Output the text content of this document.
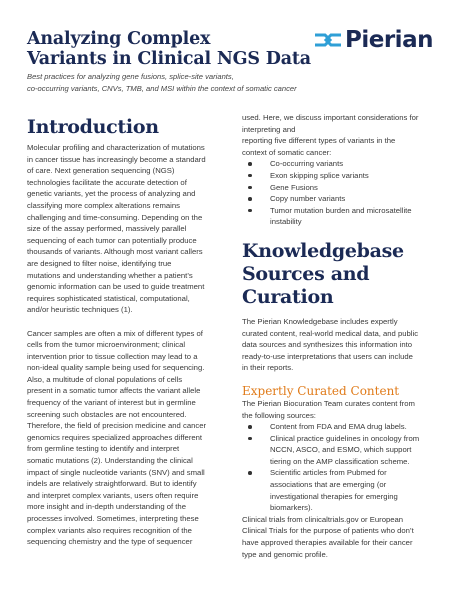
Analyzing Complex
Variants in Clinical NGS Data
Best practices for analyzing gene fusions, splice-site variants,
co-occurring variants, CNVs, TMB, and MSI within the context of somatic cancer
Pierian
Introduction
Molecular profiling and characterization of mutations
in cancer tissue has increasingly become a standard
of care. Next generation sequencing (NGS)
technologies facilitate the accurate detection of
genetic variants, yet the process of analyzing and
classifying more complex alterations remains
challenging and time-consuming. Depending on the
size of the assay performed, massively parallel
sequencing of each tumor can potentially produce
thousands of variants. Although most variant callers
are designed to filter noise, identifying true
mutations and understanding whether a patient’s
genomic information can be used to guide treatment
requires sophisticated statistical, computational,
and/or heuristic techniques (1).
Cancer samples are often a mix of different types of
cells from the tumor microenvironment; clinical
intervention prior to tissue collection may lead to a
non-ideal quality sample being used for sequencing.
Also, a multitude of clonal populations of cells
present in a somatic tumor affects the variant allele
frequency of the variant of interest but in germline
screening such obstacles are not encountered.
Therefore, the field of precision medicine and cancer
genomics requires specialized approaches different
from germline testing to identify and interpret
somatic mutations (2). Understanding the clinical
impact of single nucleotide variants (SNV) and small
indels are relatively straightforward. But to identify
and interpret complex variants, users often require
more insight and in-depth understanding of the
processes involved. Sometimes, interpreting these
complex variants also requires recognition of the
sequencing chemistry and the type of sequencer
used. Here, we discuss important considerations for
interpreting and
reporting five different types of variants in the
context of somatic cancer:
Co-occurring variants
Exon skipping splice variants
Gene Fusions
Copy number variants
Tumor mutation burden and microsatellite
instability
Knowledgebase
Sources and Curation
The Pierian Knowledgebase includes expertly
curated content, real-world medical data, and public
data sources and synthesizes this information into
ready-to-use interpretations that users can include
in their reports.
Expertly Curated Content
The Pierian Biocuration Team curates content from
the following sources:
Content from FDA and EMA drug labels.
Clinical practice guidelines in oncology from
NCCN, ASCO, and ESMO, which support
tiering on the AMP classification scheme.
Scientific articles from Pubmed for
associations that are emerging (or
investigational therapies for emerging
biomarkers).
Clinical trials from clinicaltrials.gov or European
Clinical Trials for the purpose of patients who don’t
have approved therapies available for their cancer
type and genomic profile.
